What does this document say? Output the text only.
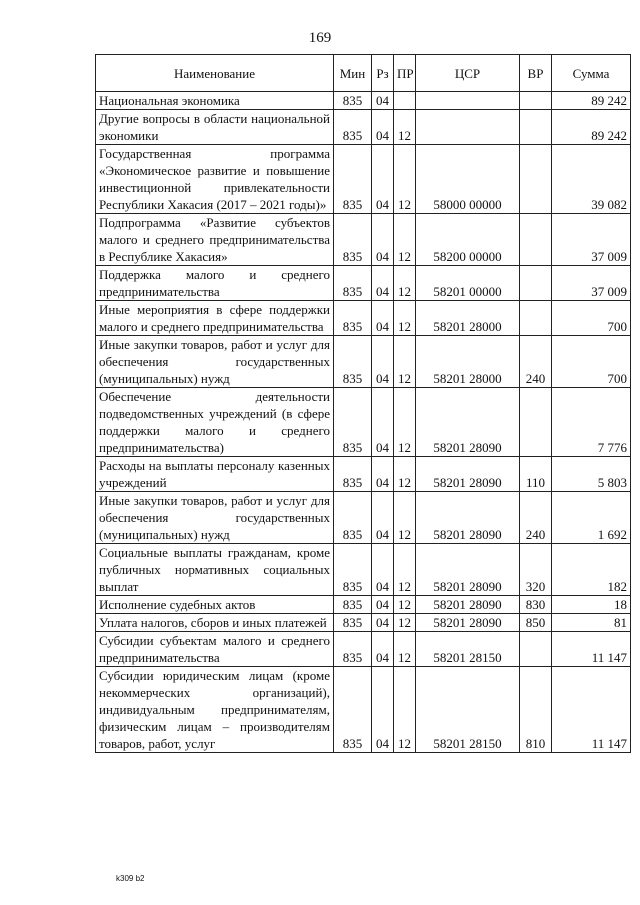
169
Наименование	Мин	Рз	ПР	ЦСР	ВР	Сумма
Национальная экономика	835	04				89 242
Другие вопросы в области национальной экономики	835	04	12			89 242
Государственная программа «Экономическое развитие и повышение инвестиционной привлекательности Республики Хакасия (2017 – 2021 годы)»	835	04	12	58000 00000		39 082
Подпрограмма «Развитие субъектов малого и среднего предпринимательства в Республике Хакасия»	835	04	12	58200 00000		37 009
Поддержка малого и среднего предпринимательства	835	04	12	58201 00000		37 009
Иные мероприятия в сфере поддержки малого и среднего предпринимательства	835	04	12	58201 28000		700
Иные закупки товаров, работ и услуг для обеспечения государственных (муниципальных) нужд	835	04	12	58201 28000	240	700
Обеспечение деятельности подведомственных учреждений (в сфере поддержки малого и среднего предпринимательства)	835	04	12	58201 28090		7 776
Расходы на выплаты персоналу казенных учреждений	835	04	12	58201 28090	110	5 803
Иные закупки товаров, работ и услуг для обеспечения государственных (муниципальных) нужд	835	04	12	58201 28090	240	1 692
Социальные выплаты гражданам, кроме публичных нормативных социальных выплат	835	04	12	58201 28090	320	182
Исполнение судебных актов	835	04	12	58201 28090	830	18
Уплата налогов, сборов и иных платежей	835	04	12	58201 28090	850	81
Субсидии субъектам малого и среднего предпринимательства	835	04	12	58201 28150		11 147
Субсидии юридическим лицам (кроме некоммерческих организаций), индивидуальным предпринимателям, физическим лицам – производителям товаров, работ, услуг	835	04	12	58201 28150	810	11 147
k309 b2
